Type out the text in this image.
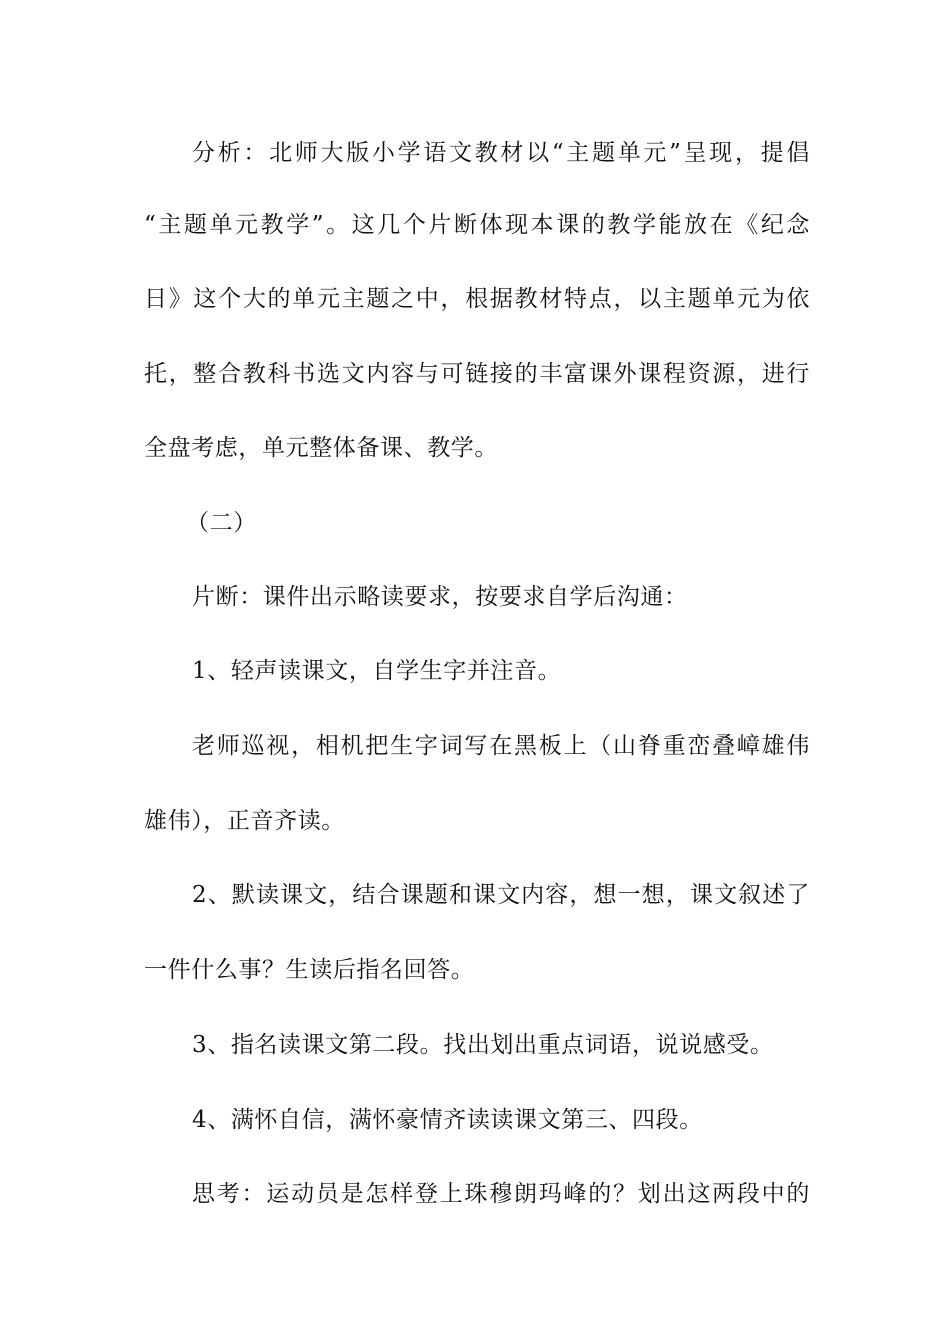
分析：北师大版小学语文教材以“主题单元”呈现，提倡
“主题单元教学”。这几个片断体现本课的教学能放在《纪念
日》这个大的单元主题之中，根据教材特点，以主题单元为依
托，整合教科书选文内容与可链接的丰富课外课程资源，进行
全盘考虑，单元整体备课、教学。
（二）
片断：课件出示略读要求，按要求自学后沟通：
1、轻声读课文，自学生字并注音。
老师巡视，相机把生字词写在黑板上（山脊重峦叠嶂雄伟
雄伟），正音齐读。
2、默读课文，结合课题和课文内容，想一想，课文叙述了
一件什么事？生读后指名回答。
3、指名读课文第二段。找出划出重点词语，说说感受。
4、满怀自信，满怀豪情齐读读课文第三、四段。
思考：运动员是怎样登上珠穆朗玛峰的？划出这两段中的
